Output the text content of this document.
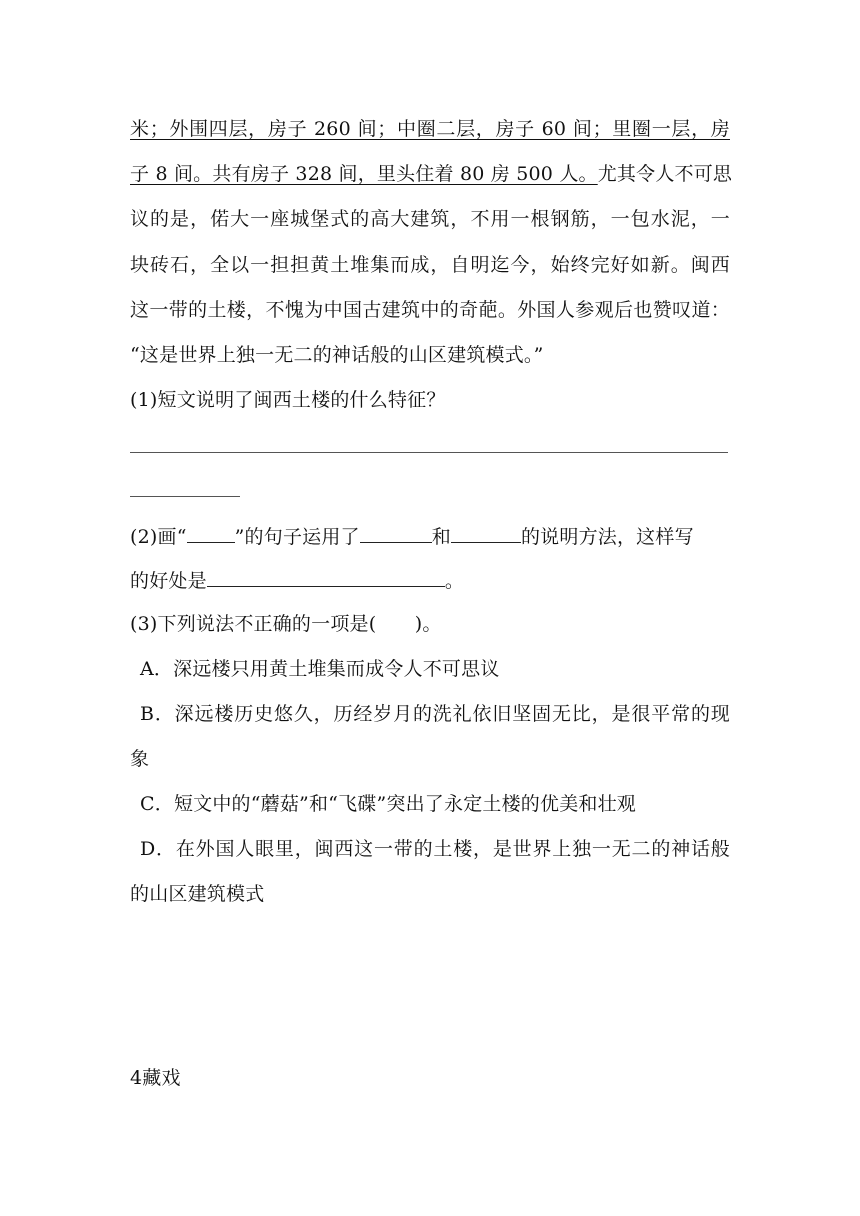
米；外围四层，房子 260 间；中圈二层，房子 60 间；里圈一层，房
子 8 间。共有房子 328 间，里头住着 80 房 500 人。尤其令人不可思
议的是，偌大一座城堡式的高大建筑，不用一根钢筋，一包水泥，一
块砖石，全以一担担黄土堆集而成，自明迄今，始终完好如新。闽西
这一带的土楼，不愧为中国古建筑中的奇葩。外国人参观后也赞叹道：
“这是世界上独一无二的神话般的山区建筑模式。”
(1)短文说明了闽西土楼的什么特征？
(2)画“	”的句子运用了	和	的说明方法，这样写
的好处是	。
(3)下列说法不正确的一项是(　　)。
A．深远楼只用黄土堆集而成令人不可思议
B．深远楼历史悠久，历经岁月的洗礼依旧坚固无比，是很平常的现
象
C．短文中的“蘑菇”和“飞碟”突出了永定土楼的优美和壮观
D．在外国人眼里，闽西这一带的土楼，是世界上独一无二的神话般
的山区建筑模式
4藏戏
